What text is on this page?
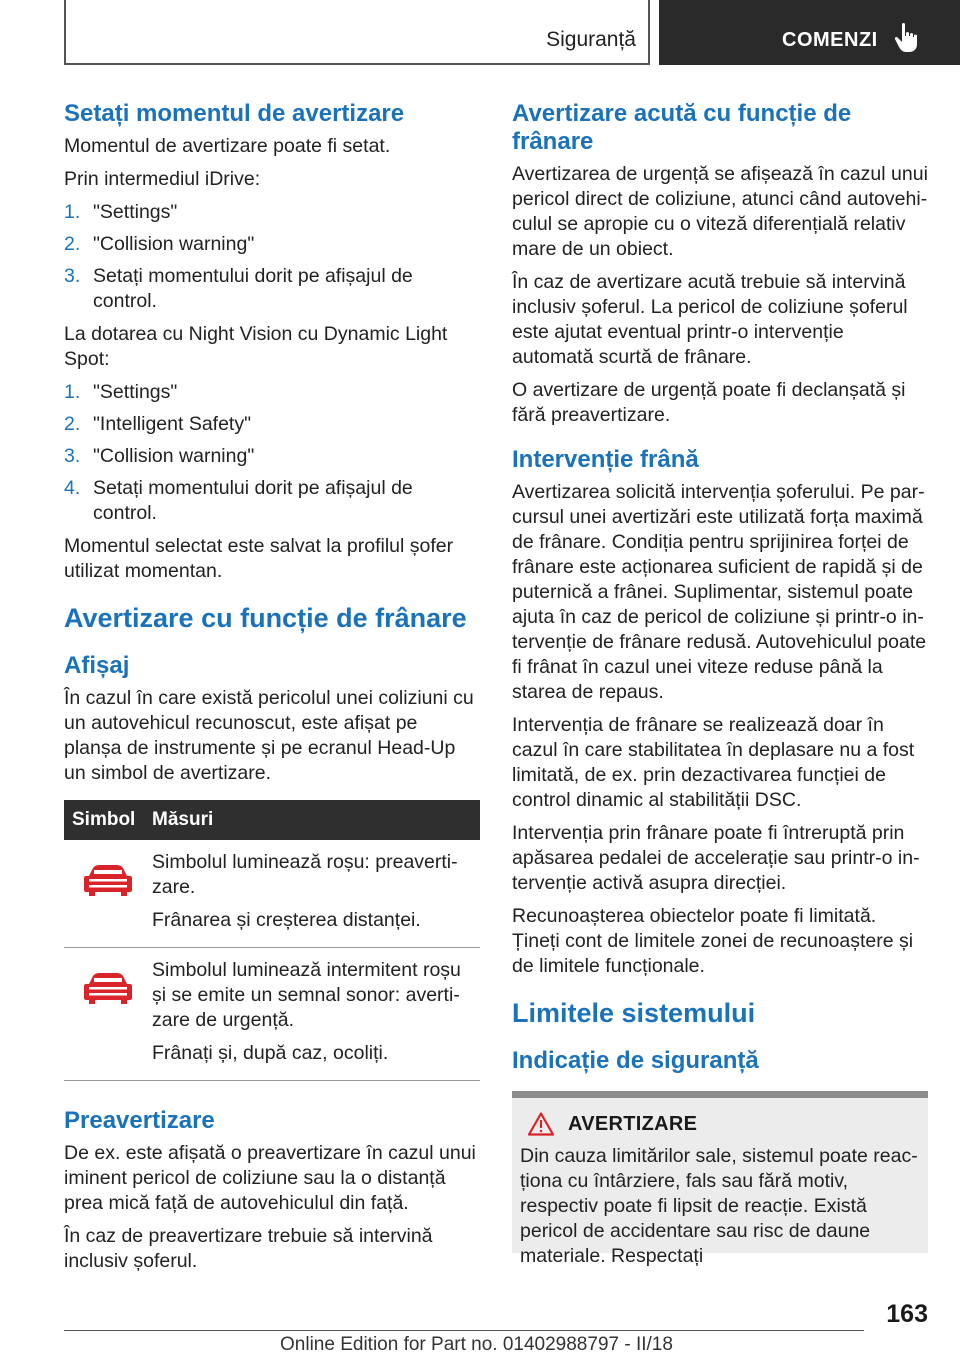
Siguranță	COMENZI
Setați momentul de avertizare

Momentul de avertizare poate fi setat.

Prin intermediul iDrive:

1. "Settings"
2. "Collision warning"
3. Setați momentului dorit pe afișajul de control.

La dotarea cu Night Vision cu Dynamic Light Spot:

1. "Settings"
2. "Intelligent Safety"
3. "Collision warning"
4. Setați momentului dorit pe afișajul de control.

Momentul selectat este salvat la profilul șofer utilizat momentan.

Avertizare cu funcție de frânare
Afișaj

În cazul în care există pericolul unei coliziuni cu un autovehicul recunoscut, este afișat pe planșa de instrumente și pe ecranul Head-Up un simbol de avertizare.

Simbol Măsuri

Simbolul luminează roșu: preavertizare.

Frânarea și creșterea distanței.

Simbolul luminează intermitent roșu și se emite un semnal sonor: avertizare de urgență.

Frânați și, după caz, ocoliți.

Preavertizare

De ex. este afișată o preavertizare în cazul unui iminent pericol de coliziune sau la o distanță prea mică față de autovehiculul din față.

În caz de preavertizare trebuie să intervină inclusiv șoferul.

Avertizare acută cu funcție de frânare

Avertizarea de urgență se afișează în cazul unui pericol direct de coliziune, atunci când autovehiculul se apropie cu o viteză diferențială relativ mare de un obiect.

În caz de avertizare acută trebuie să intervină inclusiv șoferul. La pericol de coliziune șoferul este ajutat eventual printr-o intervenție automată scurtă de frânare.

O avertizare de urgență poate fi declanșată și fără preavertizare.

Intervenție frână

Avertizarea solicită intervenția șoferului. Pe parcursul unei avertizări este utilizată forța maximă de frânare. Condiția pentru sprijinirea forței de frânare este acționarea suficient de rapidă și de puternică a frânei. Suplimentar, sistemul poate ajuta în caz de pericol de coliziune și printr-o intervenție de frânare redusă. Autovehiculul poate fi frânat în cazul unei viteze reduse până la starea de repaus.

Intervenția de frânare se realizează doar în cazul în care stabilitatea în deplasare nu a fost limitată, de ex. prin dezactivarea funcției de control dinamic al stabilității DSC.

Intervenția prin frânare poate fi întreruptă prin apăsarea pedalei de accelerație sau printr-o intervenție activă asupra direcției.

Recunoașterea obiectelor poate fi limitată. Țineți cont de limitele zonei de recunoaștere și de limitele funcționale.

Limitele sistemului
Indicație de siguranță
AVERTIZARE

Din cauza limitărilor sale, sistemul poate reacționa cu întârziere, fals sau fără motiv, respectiv poate fi lipsit de reacție. Există pericol de accidentare sau risc de daune materiale. Respectați

163
Online Edition for Part no. 01402988797 - II/18
